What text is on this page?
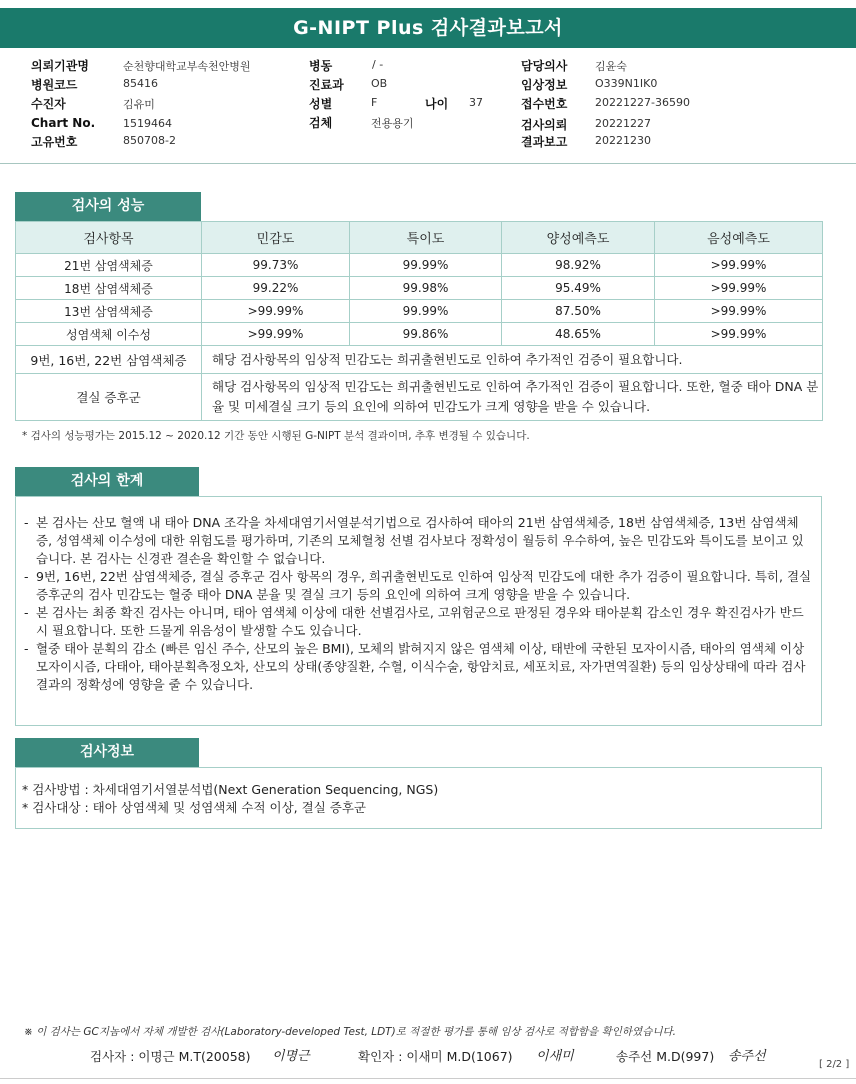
G-NIPT Plus 검사결과보고서
의뢰기관명	순천향대학교부속천안병원
병원코드	85416
수진자	김유미
Chart No.	1519464
고유번호	850708-2
병동	/ -
진료과 OB
성별	F	나이 37
검체	전용용기
담당의사	김윤숙
임상정보	O339N1IK0
접수번호	20221227-36590
검사의뢰	20221227
결과보고	20221230
검사의 성능
검사항목	민감도	특이도	양성예측도	음성예측도
21번 삼염색체증	99.73%	99.99%	98.92%	>99.99%
18번 삼염색체증	99.22%	99.98%	95.49%	>99.99%
13번 삼염색체증	>99.99%	99.99%	87.50%	>99.99%
성염색체 이수성	>99.99%	99.86%	48.65%	>99.99%
9번, 16번, 22번 삼염색체증	해당 검사항목의 임상적 민감도는 희귀출현빈도로 인하여 추가적인 검증이 필요합니다.			
결실 증후군	해당 검사항목의 임상적 민감도는 희귀출현빈도로 인하여 추가적인 검증이 필요합니다. 또한, 혈중 태아 DNA 분율 및 미세결실 크기 등의 요인에 의하여 민감도가 크게 영향을 받을 수 있습니다.			
* 검사의 성능평가는 2015.12 ~ 2020.12 기간 동안 시행된 G-NIPT 분석 결과이며, 추후 변경될 수 있습니다.
검사의 한계
- 본 검사는 산모 혈액 내 태아 DNA 조각을 차세대염기서열분석기법으로 검사하여 태아의 21번 삼염색체증, 18번 삼염색체증, 13번 삼염색체증, 성염색체 이수성에 대한 위험도를 평가하며, 기존의 모체혈청 선별 검사보다 정확성이 월등히 우수하여, 높은 민감도와 특이도를 보이고 있습니다. 본 검사는 신경관 결손을 확인할 수 없습니다.
- 9번, 16번, 22번 삼염색체증, 결실 증후군 검사 항목의 경우, 희귀출현빈도로 인하여 임상적 민감도에 대한 추가 검증이 필요합니다. 특히, 결실 증후군의 검사 민감도는 혈중 태아 DNA 분율 및 결실 크기 등의 요인에 의하여 크게 영향을 받을 수 있습니다.
- 본 검사는 최종 확진 검사는 아니며, 태아 염색체 이상에 대한 선별검사로, 고위험군으로 판정된 경우와 태아분획 감소인 경우 확진검사가 반드시 필요합니다. 또한 드물게 위음성이 발생할 수도 있습니다.
- 혈중 태아 분획의 감소 (빠른 임신 주수, 산모의 높은 BMI), 모체의 밝혀지지 않은 염색체 이상, 태반에 국한된 모자이시즘, 태아의 염색체 이상 모자이시즘, 다태아, 태아분획측정오차, 산모의 상태(종양질환, 수혈, 이식수술, 항암치료, 세포치료, 자가면역질환) 등의 임상상태에 따라 검사결과의 정확성에 영향을 줄 수 있습니다.
검사정보
* 검사방법 : 차세대염기서열분석법(Next Generation Sequencing, NGS)
* 검사대상 : 태아 상염색체 및 성염색체 수적 이상, 결실 증후군
※ 이 검사는 GC지놈에서 자체 개발한 검사(Laboratory-developed Test, LDT)로 적절한 평가를 통해 임상 검사로 적합함을 확인하였습니다.
검사자 : 이명근 M.T(20058) 이명근	확인자 : 이새미 M.D(1067) 이새미	송주선 M.D(997) 송주선
[ 2/2 ]
